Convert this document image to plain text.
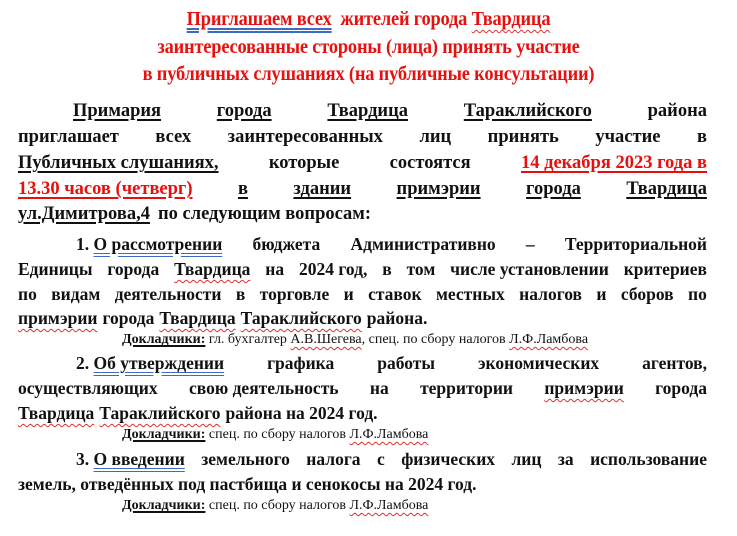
Приглашаем всех жителей города Твардица
заинтересованные стороны (лица) принять участие
в публичных слушаниях (на публичные консультации)
Примария	города	Твардица	Тараклийского	района
приглашает всех заинтересованных лиц принять участие в
Публичных слушаниях,	которые	состоятся	14 декабря 2023 года в
13.30 часов (четверг) в здании примэрии города Твардица
ул.Димитрова,4 по следующим вопросам:
1. О рассмотрении бюджета Административно – Территориальной
Единицы города Твардица на 2024 год, в том числе установлении критериев
по видам деятельности в торговле и ставок местных налогов и сборов по
примэрии города Твардица Тараклийского района.
Докладчики: гл. бухгалтер А.В.Шегева, спец. по сбору налогов Л.Ф.Ламбова
2. Об утверждении графика работы экономических агентов,
осуществляющих свою деятельность на территории примэрии города
Твардица Тараклийского района на 2024 год.
Докладчики: спец. по сбору налогов Л.Ф.Ламбова
3. О введении земельного налога с физических лиц за использование
земель, отведённых под пастбища и сенокосы на 2024 год.
Докладчики: спец. по сбору налогов Л.Ф.Ламбова
